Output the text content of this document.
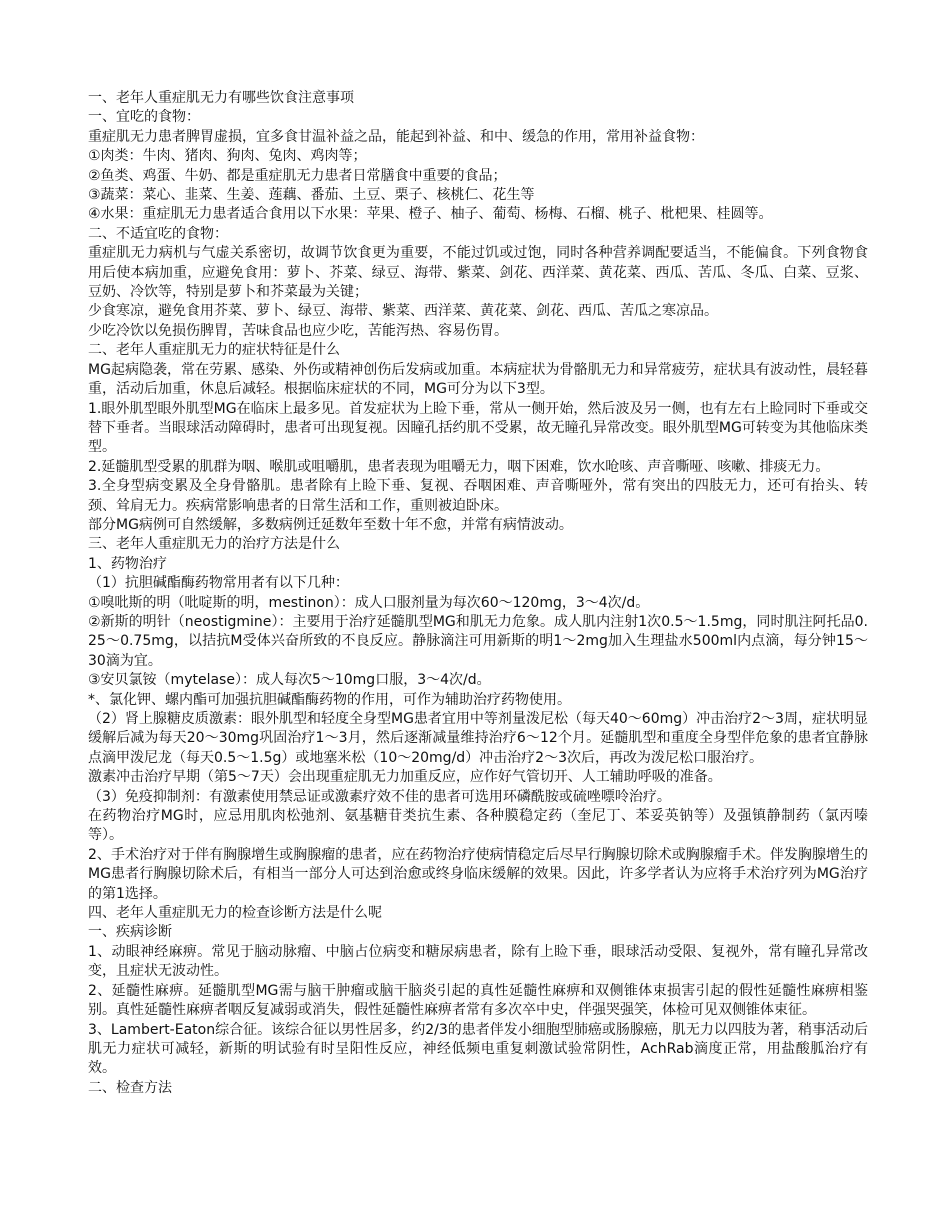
一、老年人重症肌无力有哪些饮食注意事项

一、宜吃的食物：

重症肌无力患者脾胃虚损，宜多食甘温补益之品，能起到补益、和中、缓急的作用，常用补益食物：

①肉类：牛肉、猪肉、狗肉、兔肉、鸡肉等；

②鱼类、鸡蛋、牛奶、都是重症肌无力患者日常膳食中重要的食品；

③蔬菜：菜心、韭菜、生姜、莲藕、番茄、土豆、栗子、核桃仁、花生等

④水果：重症肌无力患者适合食用以下水果：苹果、橙子、柚子、葡萄、杨梅、石榴、桃子、枇杷果、桂圆等。

二、不适宜吃的食物：

重症肌无力病机与气虚关系密切，故调节饮食更为重要，不能过饥或过饱，同时各种营养调配要适当，不能偏食。下列食物食用后使本病加重，应避免食用：萝卜、芥菜、绿豆、海带、紫菜、剑花、西洋菜、黄花菜、西瓜、苦瓜、冬瓜、白菜、豆浆、豆奶、冷饮等，特别是萝卜和芥菜最为关键；

少食寒凉，避免食用芥菜、萝卜、绿豆、海带、紫菜、西洋菜、黄花菜、剑花、西瓜、苦瓜之寒凉品。

少吃冷饮以免损伤脾胃，苦味食品也应少吃，苦能泻热、容易伤胃。

二、老年人重症肌无力的症状特征是什么

MG起病隐袭，常在劳累、感染、外伤或精神创伤后发病或加重。本病症状为骨骼肌无力和异常疲劳，症状具有波动性，晨轻暮重，活动后加重，休息后减轻。根据临床症状的不同，MG可分为以下3型。

1.眼外肌型眼外肌型MG在临床上最多见。首发症状为上睑下垂，常从一侧开始，然后波及另一侧，也有左右上睑同时下垂或交替下垂者。当眼球活动障碍时，患者可出现复视。因瞳孔括约肌不受累，故无瞳孔异常改变。眼外肌型MG可转变为其他临床类型。

2.延髓肌型受累的肌群为咽、喉肌或咀嚼肌，患者表现为咀嚼无力，咽下困难，饮水呛咳、声音嘶哑、咳嗽、排痰无力。

3.全身型病变累及全身骨骼肌。患者除有上睑下垂、复视、吞咽困难、声音嘶哑外，常有突出的四肢无力，还可有抬头、转颈、耸肩无力。疾病常影响患者的日常生活和工作，重则被迫卧床。

部分MG病例可自然缓解，多数病例迁延数年至数十年不愈，并常有病情波动。

三、老年人重症肌无力的治疗方法是什么

1、药物治疗

（1）抗胆碱酯酶药物常用者有以下几种：

①嗅吡斯的明（吡啶斯的明，mestinon）：成人口服剂量为每次60～120mg，3～4次/d。

②新斯的明针（neostigmine）：主要用于治疗延髓肌型MG和肌无力危象。成人肌内注射1次0.5～1.5mg，同时肌注阿托品0.25～0.75mg，以拮抗M受体兴奋所致的不良反应。静脉滴注可用新斯的明1～2mg加入生理盐水500ml内点滴，每分钟15～30滴为宜。

③安贝氯铵（mytelase）：成人每次5～10mg口服，3～4次/d。

*、氯化钾、螺内酯可加强抗胆碱酯酶药物的作用，可作为辅助治疗药物使用。

（2）肾上腺糖皮质激素：眼外肌型和轻度全身型MG患者宜用中等剂量泼尼松（每天40～60mg）冲击治疗2～3周，症状明显缓解后减为每天20～30mg巩固治疗1～3月，然后逐渐减量维持治疗6～12个月。延髓肌型和重度全身型伴危象的患者宜静脉点滴甲泼尼龙（每天0.5～1.5g）或地塞米松（10～20mg/d）冲击治疗2～3次后，再改为泼尼松口服治疗。

激素冲击治疗早期（第5～7天）会出现重症肌无力加重反应，应作好气管切开、人工辅助呼吸的准备。

（3）免疫抑制剂：有激素使用禁忌证或激素疗效不佳的患者可选用环磷酰胺或硫唑嘌呤治疗。

在药物治疗MG时，应忌用肌肉松弛剂、氨基糖苷类抗生素、各种膜稳定药（奎尼丁、苯妥英钠等）及强镇静制药（氯丙嗪等）。

2、手术治疗对于伴有胸腺增生或胸腺瘤的患者，应在药物治疗使病情稳定后尽早行胸腺切除术或胸腺瘤手术。伴发胸腺增生的MG患者行胸腺切除术后，有相当一部分人可达到治愈或终身临床缓解的效果。因此，许多学者认为应将手术治疗列为MG治疗的第1选择。

四、老年人重症肌无力的检查诊断方法是什么呢

一、疾病诊断

1、动眼神经麻痹。常见于脑动脉瘤、中脑占位病变和糖尿病患者，除有上睑下垂，眼球活动受限、复视外，常有瞳孔异常改变，且症状无波动性。

2、延髓性麻痹。延髓肌型MG需与脑干肿瘤或脑干脑炎引起的真性延髓性麻痹和双侧锥体束损害引起的假性延髓性麻痹相鉴别。真性延髓性麻痹者咽反复减弱或消失，假性延髓性麻痹者常有多次卒中史，伴强哭强笑，体检可见双侧锥体束征。

3、Lambert-Eaton综合征。该综合征以男性居多，约2/3的患者伴发小细胞型肺癌或肠腺癌，肌无力以四肢为著，稍事活动后肌无力症状可减轻，新斯的明试验有时呈阳性反应，神经低频电重复刺激试验常阴性，AchRab滴度正常，用盐酸胍治疗有效。

二、检查方法
